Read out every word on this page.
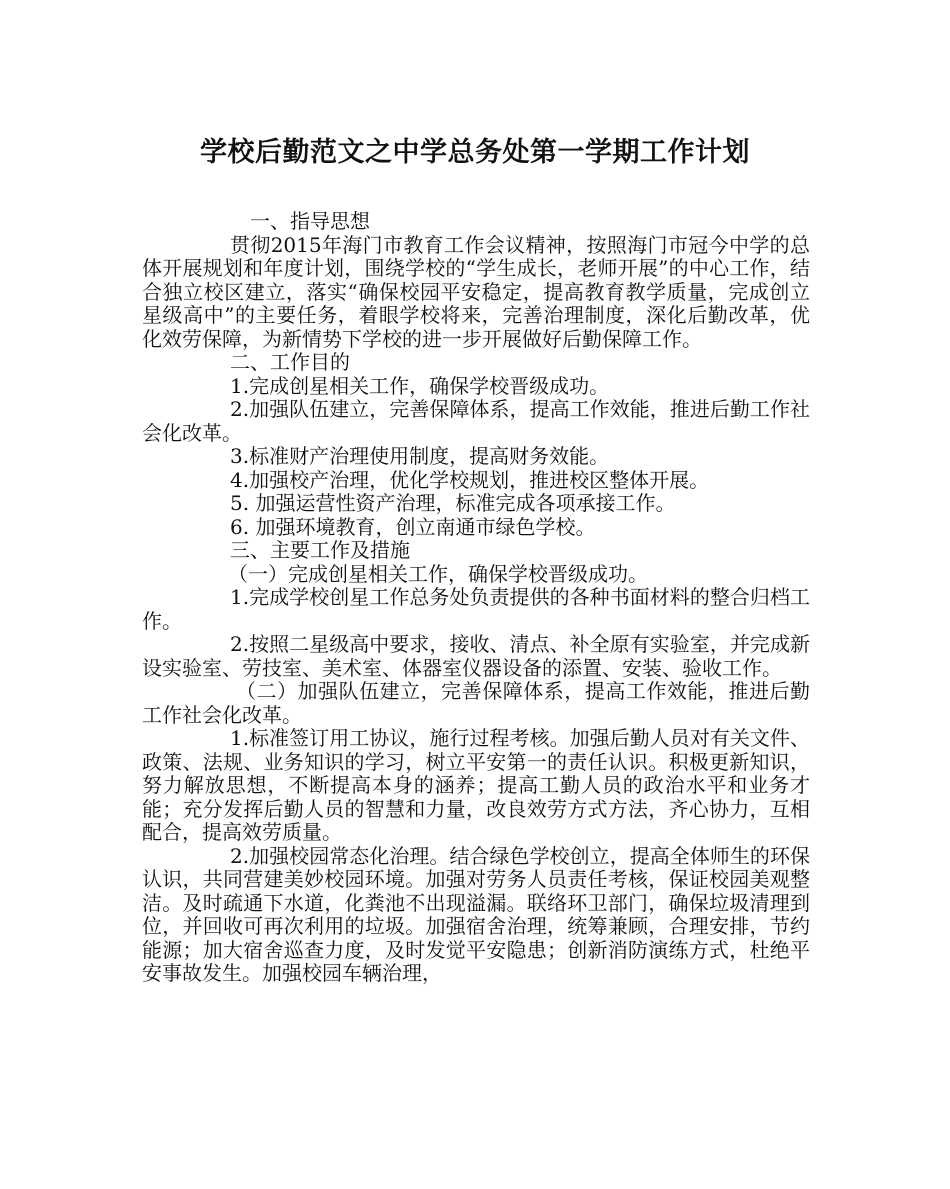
学校后勤范文之中学总务处第一学期工作计划

一、指导思想

贯彻2015年海门市教育工作会议精神，按照海门市冠今中学的总体开展规划和年度计划，围绕学校的“学生成长，老师开展”的中心工作，结合独立校区建立，落实“确保校园平安稳定，提高教育教学质量，完成创立星级高中”的主要任务，着眼学校将来，完善治理制度，深化后勤改革，优化效劳保障，为新情势下学校的进一步开展做好后勤保障工作。

二、工作目的

1.完成创星相关工作，确保学校晋级成功。

2.加强队伍建立，完善保障体系，提高工作效能，推进后勤工作社会化改革。

3.标准财产治理使用制度，提高财务效能。

4.加强校产治理，优化学校规划，推进校区整体开展。

5. 加强运营性资产治理，标准完成各项承接工作。

6. 加强环境教育，创立南通市绿色学校。

三、主要工作及措施

（一）完成创星相关工作，确保学校晋级成功。

1.完成学校创星工作总务处负责提供的各种书面材料的整合归档工作。

2.按照二星级高中要求，接收、清点、补全原有实验室，并完成新设实验室、劳技室、美术室、体器室仪器设备的添置、安装、验收工作。

（二）加强队伍建立，完善保障体系，提高工作效能，推进后勤工作社会化改革。

1.标准签订用工协议，施行过程考核。加强后勤人员对有关文件、政策、法规、业务知识的学习，树立平安第一的责任认识。积极更新知识，努力解放思想，不断提高本身的涵养；提高工勤人员的政治水平和业务才能；充分发挥后勤人员的智慧和力量，改良效劳方式方法，齐心协力，互相配合，提高效劳质量。

2.加强校园常态化治理。结合绿色学校创立，提高全体师生的环保认识，共同营建美妙校园环境。加强对劳务人员责任考核，保证校园美观整洁。及时疏通下水道，化粪池不出现溢漏。联络环卫部门，确保垃圾清理到位，并回收可再次利用的垃圾。加强宿舍治理，统筹兼顾，合理安排，节约能源；加大宿舍巡查力度，及时发觉平安隐患；创新消防演练方式，杜绝平安事故发生。加强校园车辆治理，
